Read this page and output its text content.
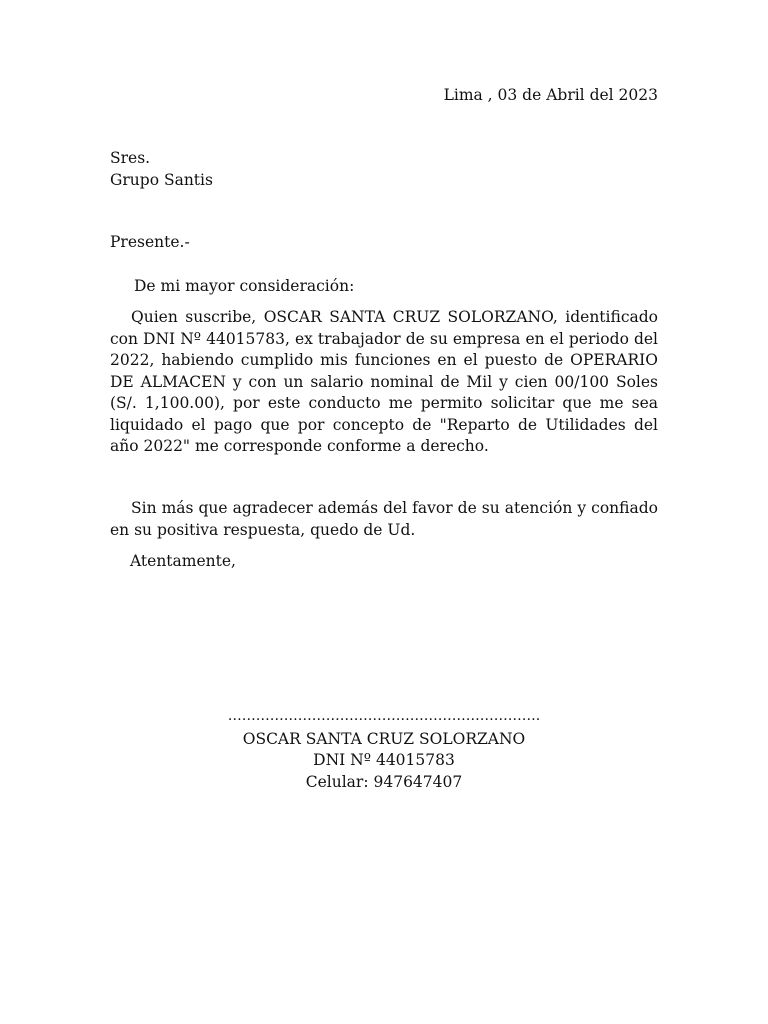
Lima , 03 de Abril del 2023
Sres.
Grupo Santis
Presente.-
De mi mayor consideración:
Quien suscribe, OSCAR SANTA CRUZ SOLORZANO, identificado con DNI Nº 44015783, ex trabajador de su empresa en el periodo del 2022, habiendo cumplido mis funciones en el puesto de OPERARIO DE ALMACEN y con un salario nominal de Mil y cien 00/100 Soles (S/. 1,100.00), por este conducto me permito solicitar que me sea liquidado el pago que por concepto de "Reparto de Utilidades del año 2022" me corresponde conforme a derecho.
Sin más que agradecer además del favor de su atención y confiado en su positiva respuesta, quedo de Ud.
Atentamente,
………………………………………………………….
OSCAR SANTA CRUZ SOLORZANO
DNI Nº 44015783
Celular: 947647407
